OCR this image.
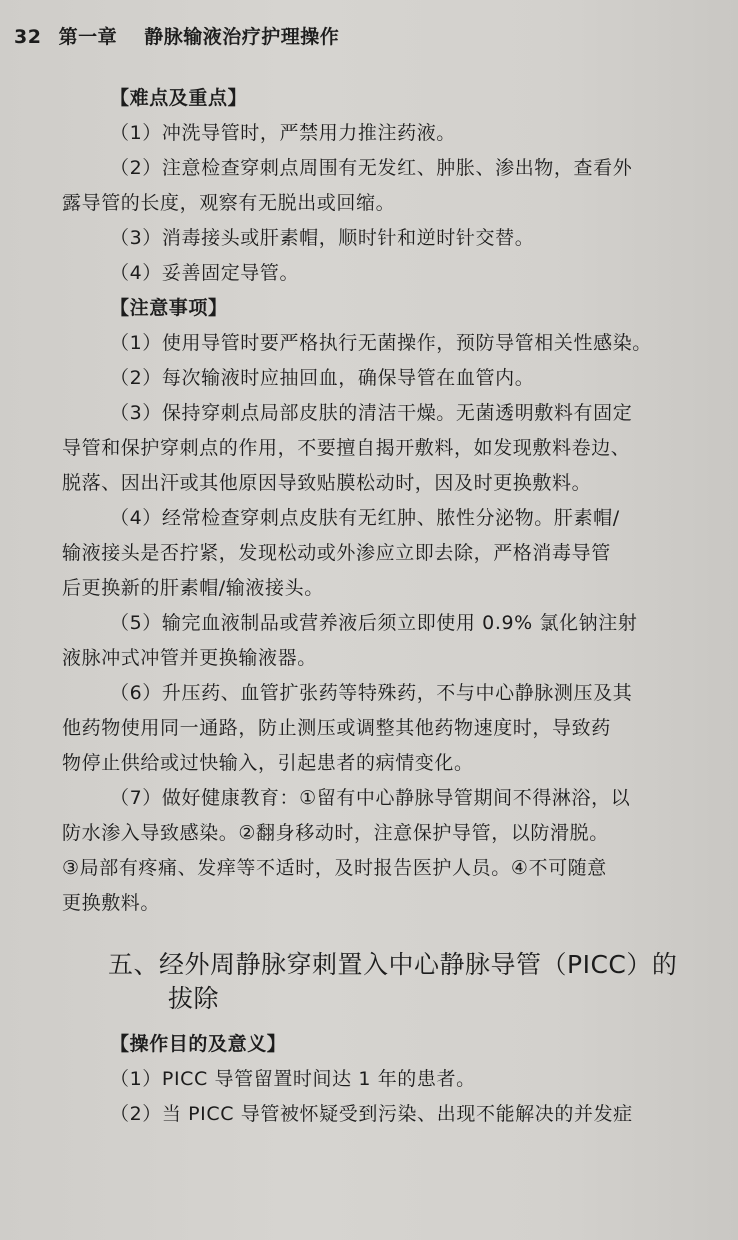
32 第一章 静脉输液治疗护理操作
【难点及重点】
（1）冲洗导管时，严禁用力推注药液。
（2）注意检查穿刺点周围有无发红、肿胀、渗出物，查看外
露导管的长度，观察有无脱出或回缩。
（3）消毒接头或肝素帽，顺时针和逆时针交替。
（4）妥善固定导管。
【注意事项】
（1）使用导管时要严格执行无菌操作，预防导管相关性感染。
（2）每次输液时应抽回血，确保导管在血管内。
（3）保持穿刺点局部皮肤的清洁干燥。无菌透明敷料有固定
导管和保护穿刺点的作用，不要擅自揭开敷料，如发现敷料卷边、
脱落、因出汗或其他原因导致贴膜松动时，因及时更换敷料。
（4）经常检查穿刺点皮肤有无红肿、脓性分泌物。肝素帽/
输液接头是否拧紧，发现松动或外渗应立即去除，严格消毒导管
后更换新的肝素帽/输液接头。
（5）输完血液制品或营养液后须立即使用 0.9% 氯化钠注射
液脉冲式冲管并更换输液器。
（6）升压药、血管扩张药等特殊药，不与中心静脉测压及其
他药物使用同一通路，防止测压或调整其他药物速度时，导致药
物停止供给或过快输入，引起患者的病情变化。
（7）做好健康教育：①留有中心静脉导管期间不得淋浴，以
防水渗入导致感染。②翻身移动时，注意保护导管，以防滑脱。
③局部有疼痛、发痒等不适时，及时报告医护人员。④不可随意
更换敷料。
五、经外周静脉穿刺置入中心静脉导管（PICC）的
拔除
【操作目的及意义】
（1）PICC 导管留置时间达 1 年的患者。
（2）当 PICC 导管被怀疑受到污染、出现不能解决的并发症
